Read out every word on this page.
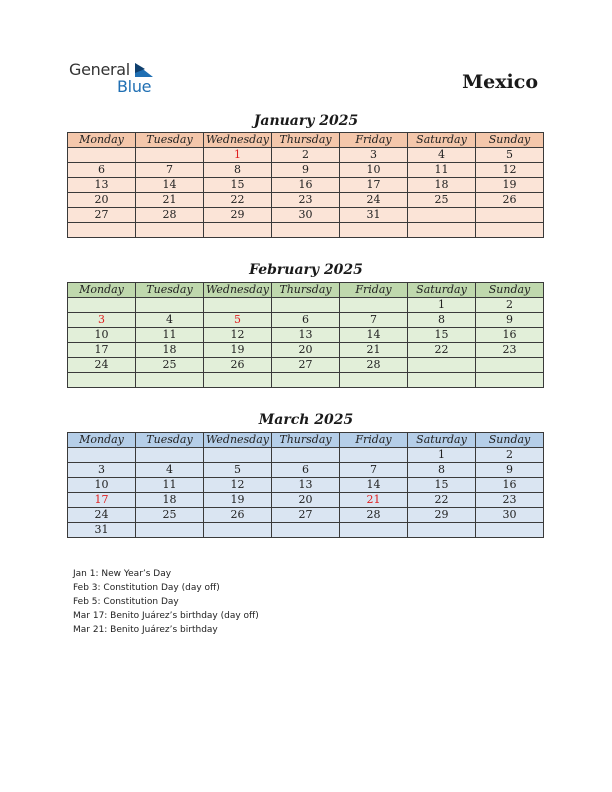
General
Blue	Mexico
January 2025
Monday	Tuesday	Wednesday	Thursday	Friday	Saturday	Sunday
		1	2	3	4	5
6	7	8	9	10	11	12
13	14	15	16	17	18	19
20	21	22	23	24	25	26
27	28	29	30	31		

February 2025
Monday	Tuesday	Wednesday	Thursday	Friday	Saturday	Sunday
					1	2
3	4	5	6	7	8	9
10	11	12	13	14	15	16
17	18	19	20	21	22	23
24	25	26	27	28		

March 2025
Monday	Tuesday	Wednesday	Thursday	Friday	Saturday	Sunday
					1	2
3	4	5	6	7	8	9
10	11	12	13	14	15	16
17	18	19	20	21	22	23
24	25	26	27	28	29	30
31						
Jan 1: New Year’s Day
Feb 3: Constitution Day (day off)
Feb 5: Constitution Day
Mar 17: Benito Juárez’s birthday (day off)
Mar 21: Benito Juárez’s birthday
